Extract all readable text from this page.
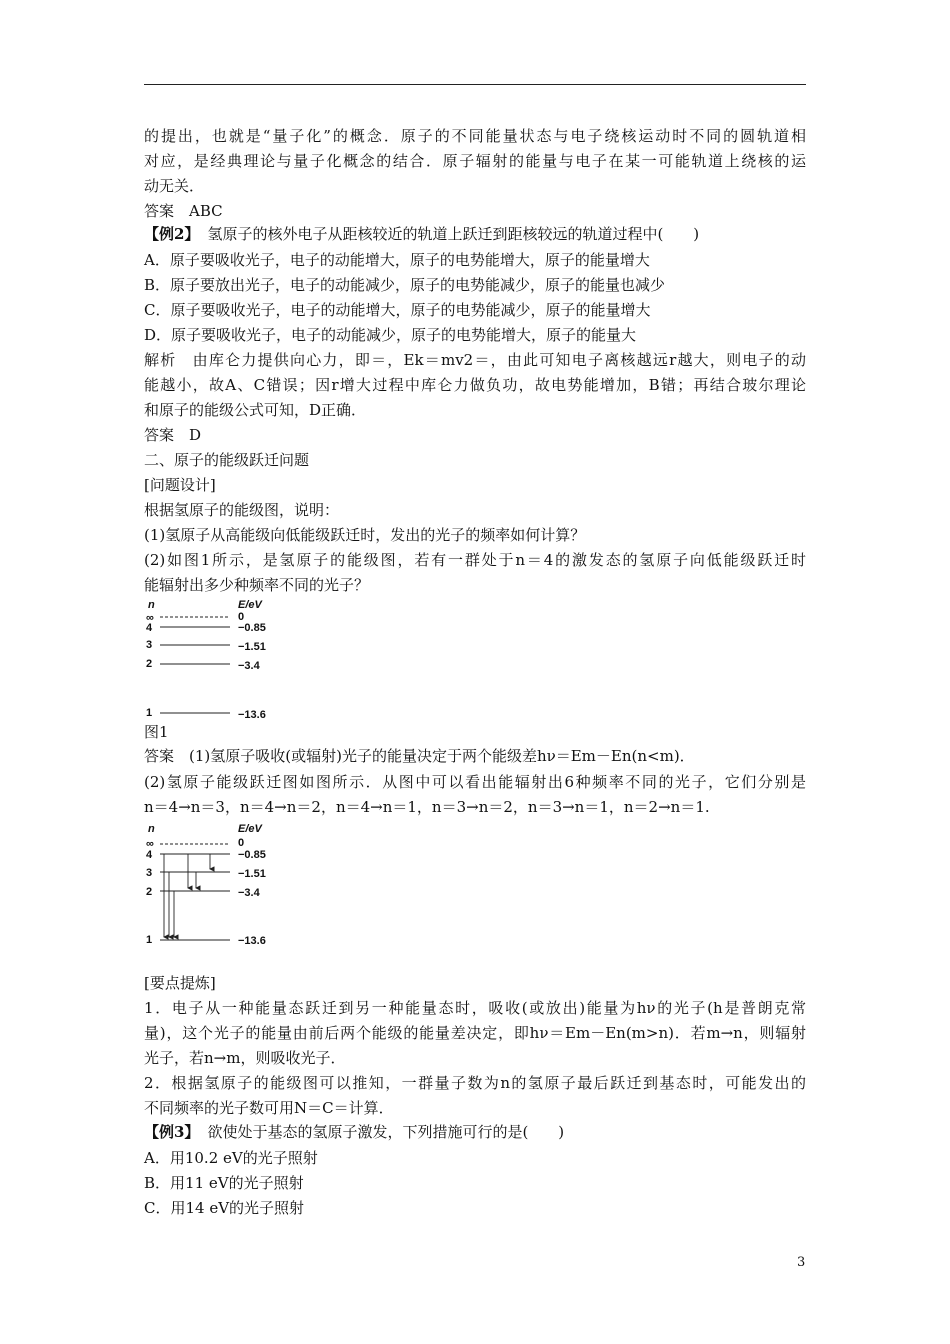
的提出，也就是“量子化”的概念．原子的不同能量状态与电子绕核运动时不同的圆轨道相
对应，是经典理论与量子化概念的结合．原子辐射的能量与电子在某一可能轨道上绕核的运
动无关．
答案　ABC
【例2】 氢原子的核外电子从距核较近的轨道上跃迁到距核较远的轨道过程中(　　)
A．原子要吸收光子，电子的动能增大，原子的电势能增大，原子的能量增大
B．原子要放出光子，电子的动能减少，原子的电势能减少，原子的能量也减少
C．原子要吸收光子，电子的动能增大，原子的电势能减少，原子的能量增大
D．原子要吸收光子，电子的动能减少，原子的电势能增大，原子的能量大
解析　由库仑力提供向心力，即＝，Ek＝mv2＝，由此可知电子离核越远r越大，则电子的动
能越小，故A、C错误；因r增大过程中库仑力做负功，故电势能增加，B错；再结合玻尔理论
和原子的能级公式可知，D正确．
答案　D
二、原子的能级跃迁问题
[问题设计]
根据氢原子的能级图，说明：
(1)氢原子从高能级向低能级跃迁时，发出的光子的频率如何计算？
(2)如图1所示，是氢原子的能级图，若有一群处于n＝4的激发态的氢原子向低能级跃迁时
能辐射出多少种频率不同的光子？
n	E/eV
∞	0
4	−0.85
3	−1.51
2	−3.4
1	−13.6
图1
答案　(1)氢原子吸收(或辐射)光子的能量决定于两个能级差hν＝Em－En(n<m)．
(2)氢原子能级跃迁图如图所示．从图中可以看出能辐射出6种频率不同的光子，它们分别是
n＝4→n＝3，n＝4→n＝2，n＝4→n＝1，n＝3→n＝2，n＝3→n＝1，n＝2→n＝1.
n	E/eV
∞	0
4	−0.85
3	−1.51
2	−3.4
1	−13.6
[要点提炼]
1．电子从一种能量态跃迁到另一种能量态时，吸收(或放出)能量为hν的光子(h是普朗克常
量)，这个光子的能量由前后两个能级的能量差决定，即hν＝Em－En(m>n)．若m→n，则辐射
光子，若n→m，则吸收光子．
2．根据氢原子的能级图可以推知，一群量子数为n的氢原子最后跃迁到基态时，可能发出的
不同频率的光子数可用N＝C＝计算．
【例3】 欲使处于基态的氢原子激发，下列措施可行的是(　　)
A．用10.2 eV的光子照射
B．用11 eV的光子照射
C．用14 eV的光子照射
3
